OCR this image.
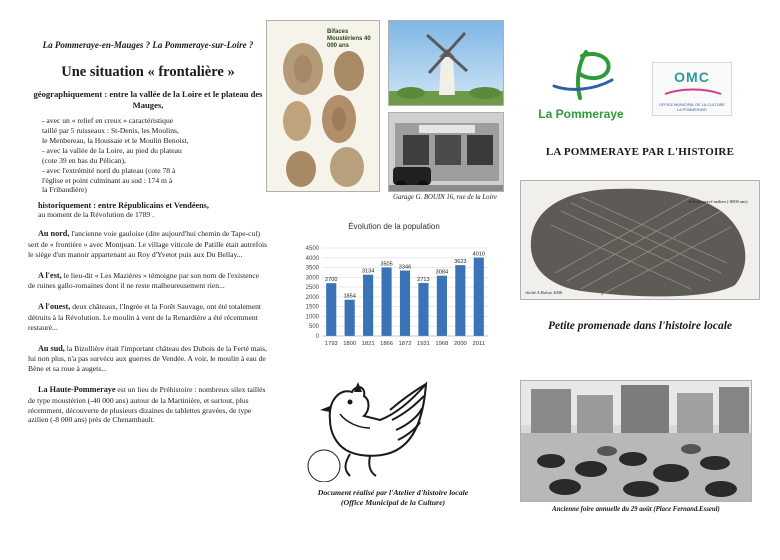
La Pommeraye-en-Mauges ? La Pommeraye-sur-Loire ?
Une situation « frontalière »
géographiquement : entre la vallée de la Loire et le plateau des Mauges,
- avec un « relief en creux » caractéristique
taillé par 5 ruisseaux : St-Denis, les Moulins,
le Menbereau, la Houssaie et le Moulin Benoist,
- avec la vallée de la Loire, au pied du plateau
(cote 39 en bas du Pélican),
- avec l'extrémité nord du plateau (cote 78 à
l'église et point culminant au sud : 174 m à
la Fribaudière)
historiquement : entre Républicains et Vendéens,
au moment de la Révolution de 1789 .
Au nord, l'ancienne voie gauloise (dite aujourd'hui chemin de Tape-cul) sert de « frontière » avec Montjean. Le village viticole de Patille était autrefois le siège d'un manoir appartenant au Roy d'Yvetot puis aux Du Bellay...
A l'est, le lieu-dit « Les Mazières » témoigne par son nom de l'existence de ruines gallo-romaines dont il ne reste malheureusement rien...
A l'ouest, deux châteaux, l'Ingrée et la Forêt Sauvage, ont été totalement détruits à la Révolution. Le moulin à vent de la Renardière a été récemment restauré...
Au sud, la Bizollière était l'important château des Dubois de la Ferté mais, lui non plus, n'a pas survécu aux guerres de Vendée. A voir, le moulin à eau de Bène et sa roue à augets...
La Haute-Pommeraye est un lieu de Préhistoire : nombreux silex taillés de type moustérien (-40 000 ans) autour de la Martinière, et surtout, plus récemment, découverte de plusieurs dizaines de tablettes gravées, de type azilien (-8 000 ans) près de Chenambault.
Bifaces Moustériens 40 000 ans
Garage G. BOUIN 16, rue de la Loire
Évolution de la population
0
500
1000
1500
2000
2500
3000
3500
4000
4500
2700
1793
1854
1800
3134
1821
3505
1866
3346
1872
2713
1931
3084
1968
3623
2000
4010
2011
Document réalisé par l'Atelier d'histoire locale
(Office Municipal de la Culture)
La Pommeraye
OMC
OFFICE MUNICIPAL DE LA CULTURE LA POMMERAYE
LA POMMERAYE PAR L'HISTOIRE
Schiste gravé azilien (-8000 ans)
cliché A.Roluo 2006
Petite promenade dans l'histoire locale
Ancienne foire annuelle du 29 août (Place Fernand.Esseul)
